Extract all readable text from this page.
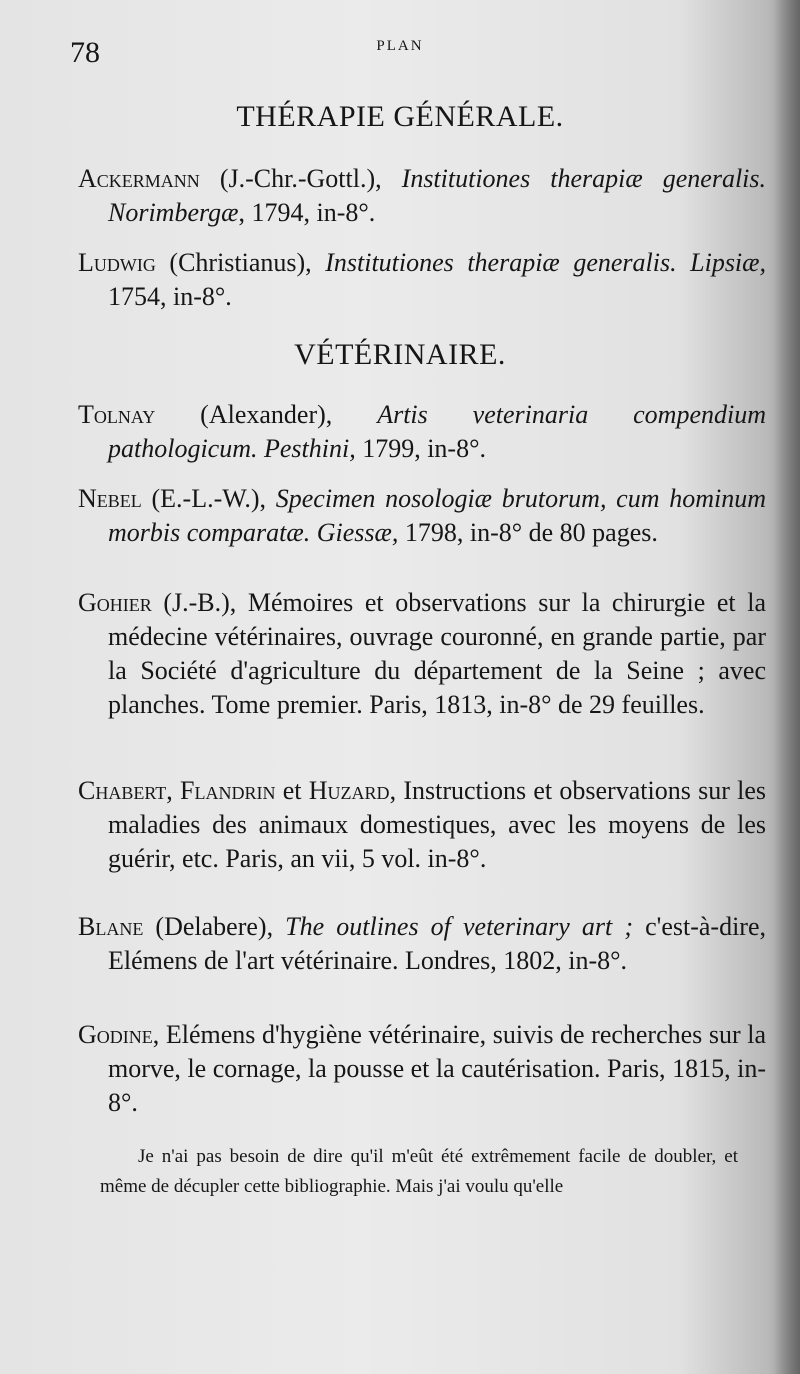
78	PLAN
THÉRAPIE GÉNÉRALE.
Ackermann (J.-Chr.-Gottl.), Institutiones therapiæ generalis. Norimbergæ, 1794, in-8°.
Ludwig (Christianus), Institutiones therapiæ generalis. Lipsiæ, 1754, in-8°.
VÉTÉRINAIRE.
Tolnay (Alexander), Artis veterinaria compendium pathologicum. Pesthini, 1799, in-8°.
Nebel (E.-L.-W.), Specimen nosologiæ brutorum, cum hominum morbis comparatæ. Giessæ, 1798, in-8° de 80 pages.
Gohier (J.-B.), Mémoires et observations sur la chirurgie et la médecine vétérinaires, ouvrage couronné, en grande partie, par la Société d'agriculture du département de la Seine ; avec planches. Tome premier. Paris, 1813, in-8° de 29 feuilles.
Chabert, Flandrin et Huzard, Instructions et observations sur les maladies des animaux domestiques, avec les moyens de les guérir, etc. Paris, an vii, 5 vol. in-8°.
Blane (Delabere), The outlines of veterinary art ; c'est-à-dire, Elémens de l'art vétérinaire. Londres, 1802, in-8°.
Godine, Elémens d'hygiène vétérinaire, suivis de recherches sur la morve, le cornage, la pousse et la cautérisation. Paris, 1815, in-8°.
Je n'ai pas besoin de dire qu'il m'eût été extrêmement facile de doubler, et même de décupler cette bibliographie. Mais j'ai voulu qu'elle
